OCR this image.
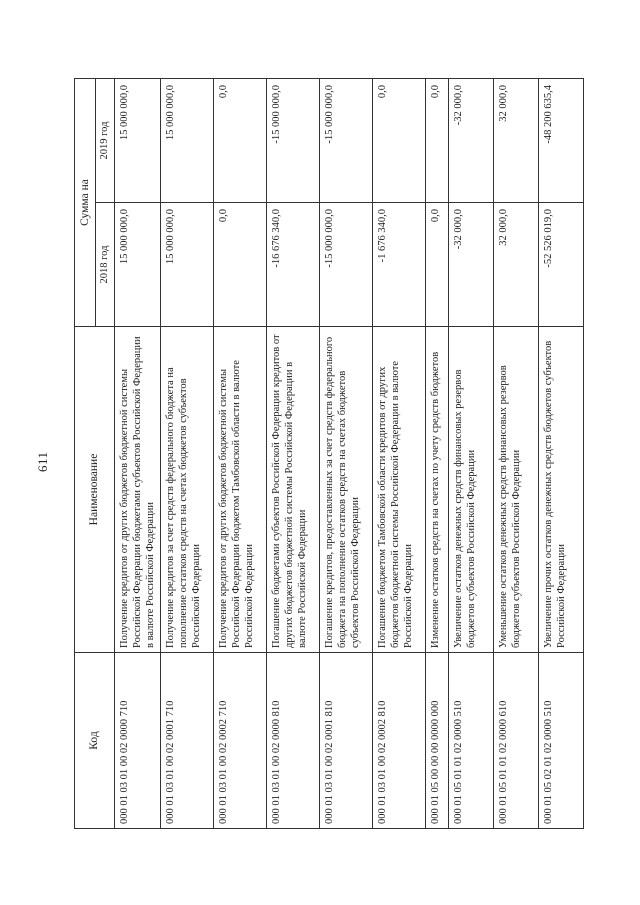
611
Код	Наименование	Сумма на	
		2018 год	2019 год
000 01 03 01 00 02 0000 710	Получение кредитов от других бюджетов бюджетной системы Российской Федерации бюджетами субъектов Российской Федерации в валюте Российской Федерации	15 000 000,0	15 000 000,0
000 01 03 01 00 02 0001 710	Получение кредитов за счет средств федерального бюджета на пополнение остатков средств на счетах бюджетов субъектов Российской Федерации	15 000 000,0	15 000 000,0
000 01 03 01 00 02 0002 710	Получение кредитов от других бюджетов бюджетной системы Российской Федерации бюджетом Тамбовской области в валюте Российской Федерации	0,0	0,0
000 01 03 01 00 02 0000 810	Погашение бюджетами субъектов Российской Федерации кредитов от других бюджетов бюджетной системы Российской Федерации в валюте Российской Федерации	-16 676 340,0	-15 000 000,0
000 01 03 01 00 02 0001 810	Погашение кредитов, предоставленных за счет средств федерального бюджета на пополнение остатков средств на счетах бюджетов субъектов Российской Федерации	-15 000 000,0	-15 000 000,0
000 01 03 01 00 02 0002 810	Погашение бюджетом Тамбовской области кредитов от других бюджетов бюджетной системы Российской Федерации в валюте Российской Федерации	-1 676 340,0	0,0
000 01 05 00 00 00 0000 000	Изменение остатков средств на счетах по учету средств бюджетов	0,0	0,0
000 01 05 01 01 02 0000 510	Увеличение остатков денежных средств финансовых резервов бюджетов субъектов Российской Федерации	-32 000,0	-32 000,0
000 01 05 01 01 02 0000 610	Уменьшение остатков денежных средств финансовых резервов бюджетов субъектов Российской Федерации	32 000,0	32 000,0
000 01 05 02 01 02 0000 510	Увеличение прочих остатков денежных средств бюджетов субъектов Российской Федерации	-52 526 019,0	-48 200 635,4
